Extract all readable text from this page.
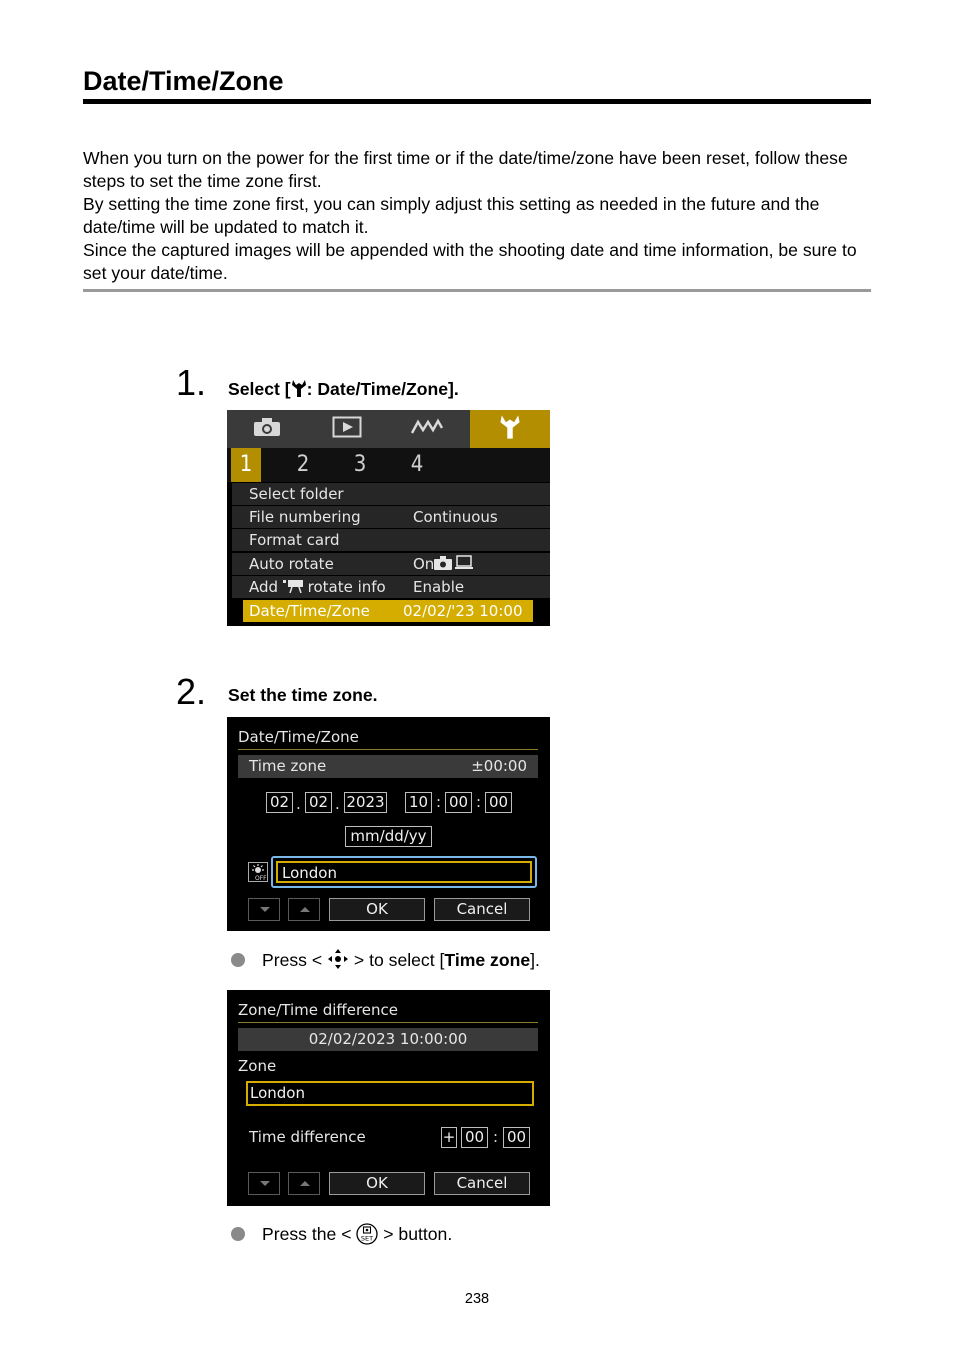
Date/Time/Zone

When you turn on the power for the first time or if the date/time/zone have been reset, follow these steps to set the time zone first.

By setting the time zone first, you can simply adjust this setting as needed in the future and the date/time will be updated to match it.

Since the captured images will be appended with the shooting date and time information, be sure to set your date/time.

1. Select [ : Date/Time/Zone].
1	2	3	4
Select folder
File numbering	Continuous
Format card
Auto rotate	On
Add rotate info Enable
Date/Time/Zone 02/02/'23 10:00
2. Set the time zone.
Date/Time/Zone
Time zone	±00:00
02 . 02 . 2023 10 : 00 : 00
mm/dd/yy
OFF	London
OK	Cancel
Press < > to select [Time zone].
Zone/Time difference
02/02/2023 10:00:00
Zone
London
Time difference	+ 00 : 00
OK	Cancel
Press the < SET > button.
238
